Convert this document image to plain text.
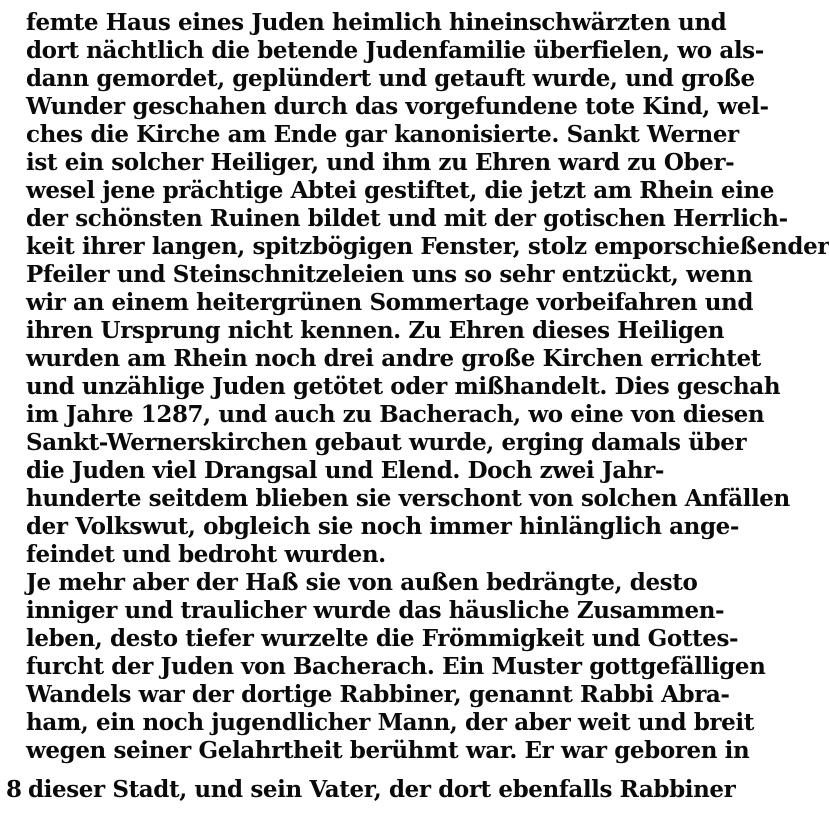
femte Haus eines Juden heimlich hineinschwärzten und
dort nächtlich die betende Judenfamilie überfielen, wo als-
dann gemordet, geplündert und getauft wurde, und große
Wunder geschahen durch das vorgefundene tote Kind, wel-
ches die Kirche am Ende gar kanonisierte. Sankt Werner
ist ein solcher Heiliger, und ihm zu Ehren ward zu Ober-
wesel jene prächtige Abtei gestiftet, die jetzt am Rhein eine
der schönsten Ruinen bildet und mit der gotischen Herrlich-
keit ihrer langen, spitzbögigen Fenster, stolz emporschießender
Pfeiler und Steinschnitzeleien uns so sehr entzückt, wenn
wir an einem heitergrünen Sommertage vorbeifahren und
ihren Ursprung nicht kennen. Zu Ehren dieses Heiligen
wurden am Rhein noch drei andre große Kirchen errichtet
und unzählige Juden getötet oder mißhandelt. Dies geschah
im Jahre 1287, und auch zu Bacherach, wo eine von diesen
Sankt-Wernerskirchen gebaut wurde, erging damals über
die Juden viel Drangsal und Elend. Doch zwei Jahr-
hunderte seitdem blieben sie verschont von solchen Anfällen
der Volkswut, obgleich sie noch immer hinlänglich ange-
feindet und bedroht wurden.
Je mehr aber der Haß sie von außen bedrängte, desto
inniger und traulicher wurde das häusliche Zusammen-
leben, desto tiefer wurzelte die Frömmigkeit und Gottes-
furcht der Juden von Bacherach. Ein Muster gottgefälligen
Wandels war der dortige Rabbiner, genannt Rabbi Abra-
ham, ein noch jugendlicher Mann, der aber weit und breit
wegen seiner Gelahrtheit berühmt war. Er war geboren in
8 dieser Stadt, und sein Vater, der dort ebenfalls Rabbiner
